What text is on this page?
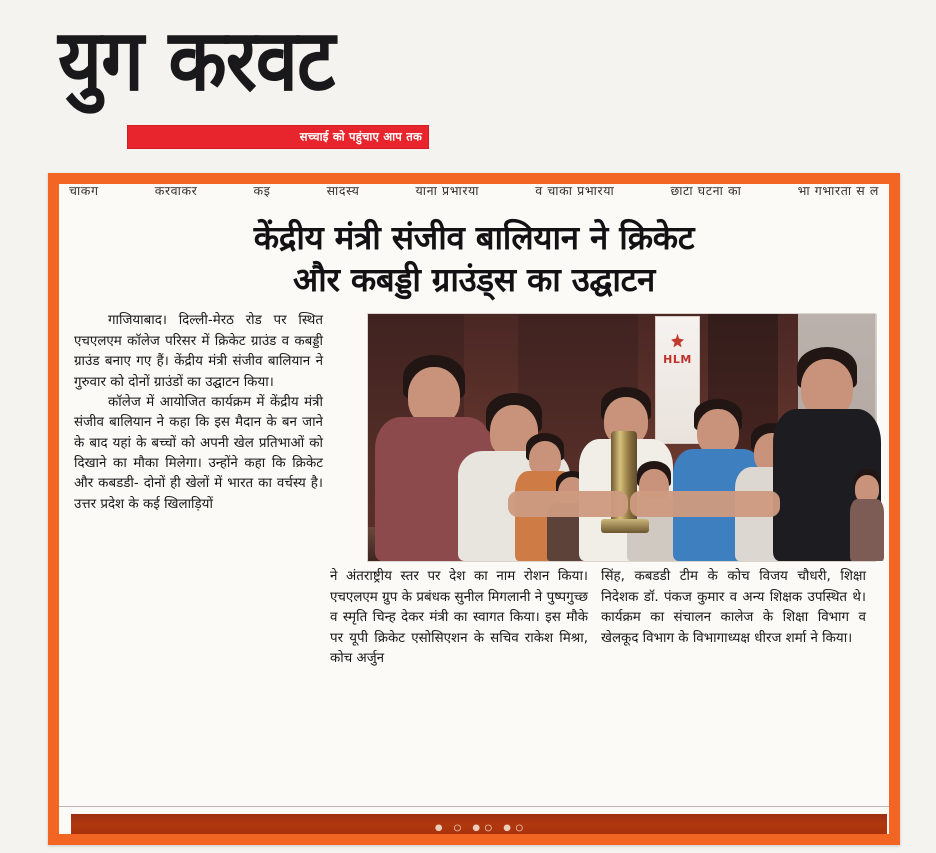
युग करवट
सच्चाई को पहुंचाए आप तक
चाकग	करवाकर	कइ	सादस्य	याना प्रभारया	व चाका प्रभारया	छाटा घटना का	भा गभारता स ल
केंद्रीय मंत्री संजीव बालियान ने क्रिकेट
और कबड्डी ग्राउंड्स का उद्घाटन
HLM

गाजियाबाद। दिल्ली-मेरठ रोड पर स्थित एचएलएम कॉलेज परिसर में क्रिकेट ग्राउंड व कबड्डी ग्राउंड बनाए गए हैं। केंद्रीय मंत्री संजीव बालियान ने गुरुवार को दोनों ग्राउंडों का उद्घाटन किया।

कॉलेज में आयोजित कार्यक्रम में केंद्रीय मंत्री संजीव बालियान ने कहा कि इस मैदान के बन जाने के बाद यहां के बच्चों को अपनी खेल प्रतिभाओं को दिखाने का मौका मिलेगा। उन्होंने कहा कि क्रिकेट और कबडडी- दोनों ही खेलों में भारत का वर्चस्य है। उत्तर प्रदेश के कई खिलाड़ियों

ने अंतराष्ट्रीय स्तर पर देश का नाम रोशन किया। एचएलएम ग्रुप के प्रबंधक सुनील मिगलानी ने पुष्पगुच्छ व स्मृति चिन्ह देकर मंत्री का स्वागत किया। इस मौके पर यूपी क्रिकेट एसोसिएशन के सचिव राकेश मिश्रा, कोच अर्जुन

सिंह, कबडडी टीम के कोच विजय चौधरी, शिक्षा निदेशक डॉ. पंकज कुमार व अन्य शिक्षक उपस्थित थे। कार्यक्रम का संचालन कालेज के शिक्षा विभाग व खेलकूद विभाग के विभागाध्यक्ष धीरज शर्मा ने किया।

• ◦ •◦ •◦
